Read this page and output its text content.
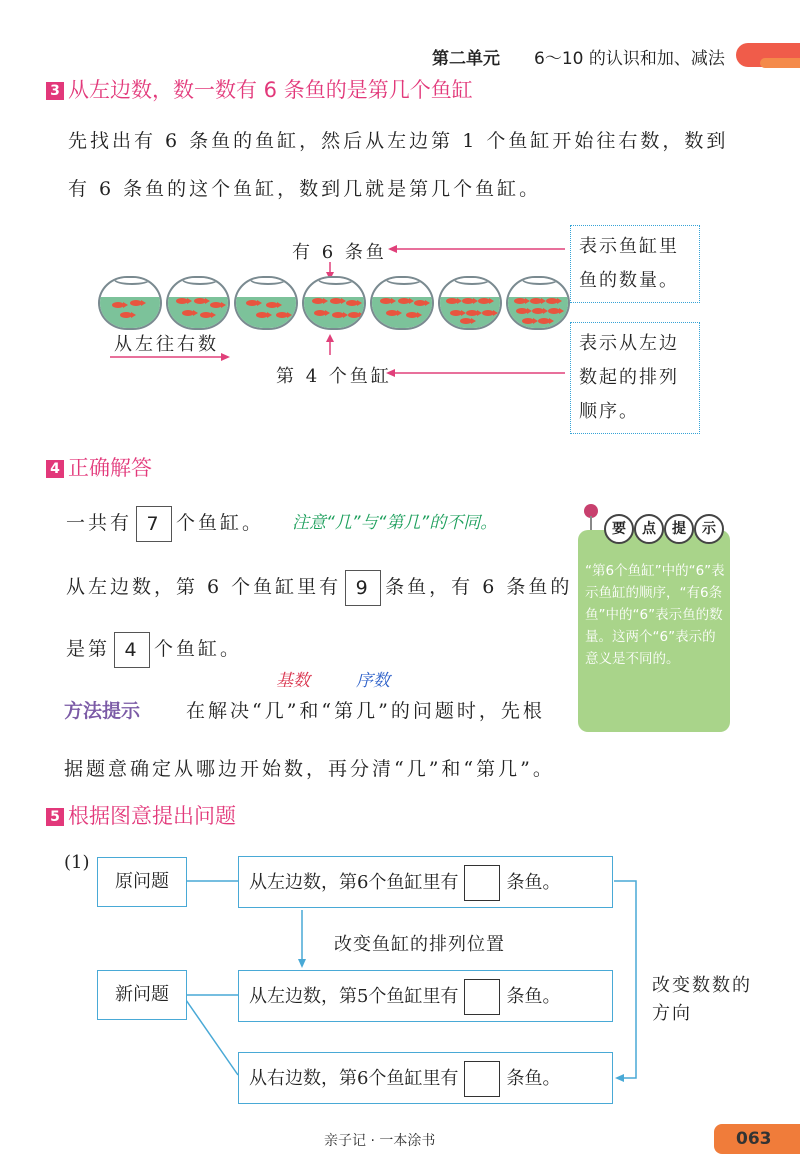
第二单元 6～10 的认识和加、减法
3 从左边数，数一数有 6 条鱼的是第几个鱼缸
先找出有 6 条鱼的鱼缸，然后从左边第 1 个鱼缸开始往右数，数到
有 6 条鱼的这个鱼缸，数到几就是第几个鱼缸。
有 6 条鱼
从左往右数
第 4 个鱼缸
表示鱼缸里鱼的数量。
表示从左边数起的排列顺序。
4 正确解答
一共有 7 个鱼缸。 注意“几”与“第几”的不同。
从左边数，第 6 个鱼缸里有 9 条鱼，有 6 条鱼的
是第 4 个鱼缸。
基数	序数
方法提示 在解决“几”和“第几”的问题时，先根
据题意确定从哪边开始数，再分清“几”和“第几”。
要	点	提	示
“第6个鱼缸”中的“6”表示鱼缸的顺序，“有6条鱼”中的“6”表示鱼的数量。这两个“6”表示的意义是不同的。
5 根据图意提出问题
(1)
原问题
新问题
从左边数，第6个鱼缸里有	条鱼。
改变鱼缸的排列位置
从左边数，第5个鱼缸里有	条鱼。
从右边数，第6个鱼缸里有	条鱼。
改变数数的方向
亲子记 · 一本涂书	063
